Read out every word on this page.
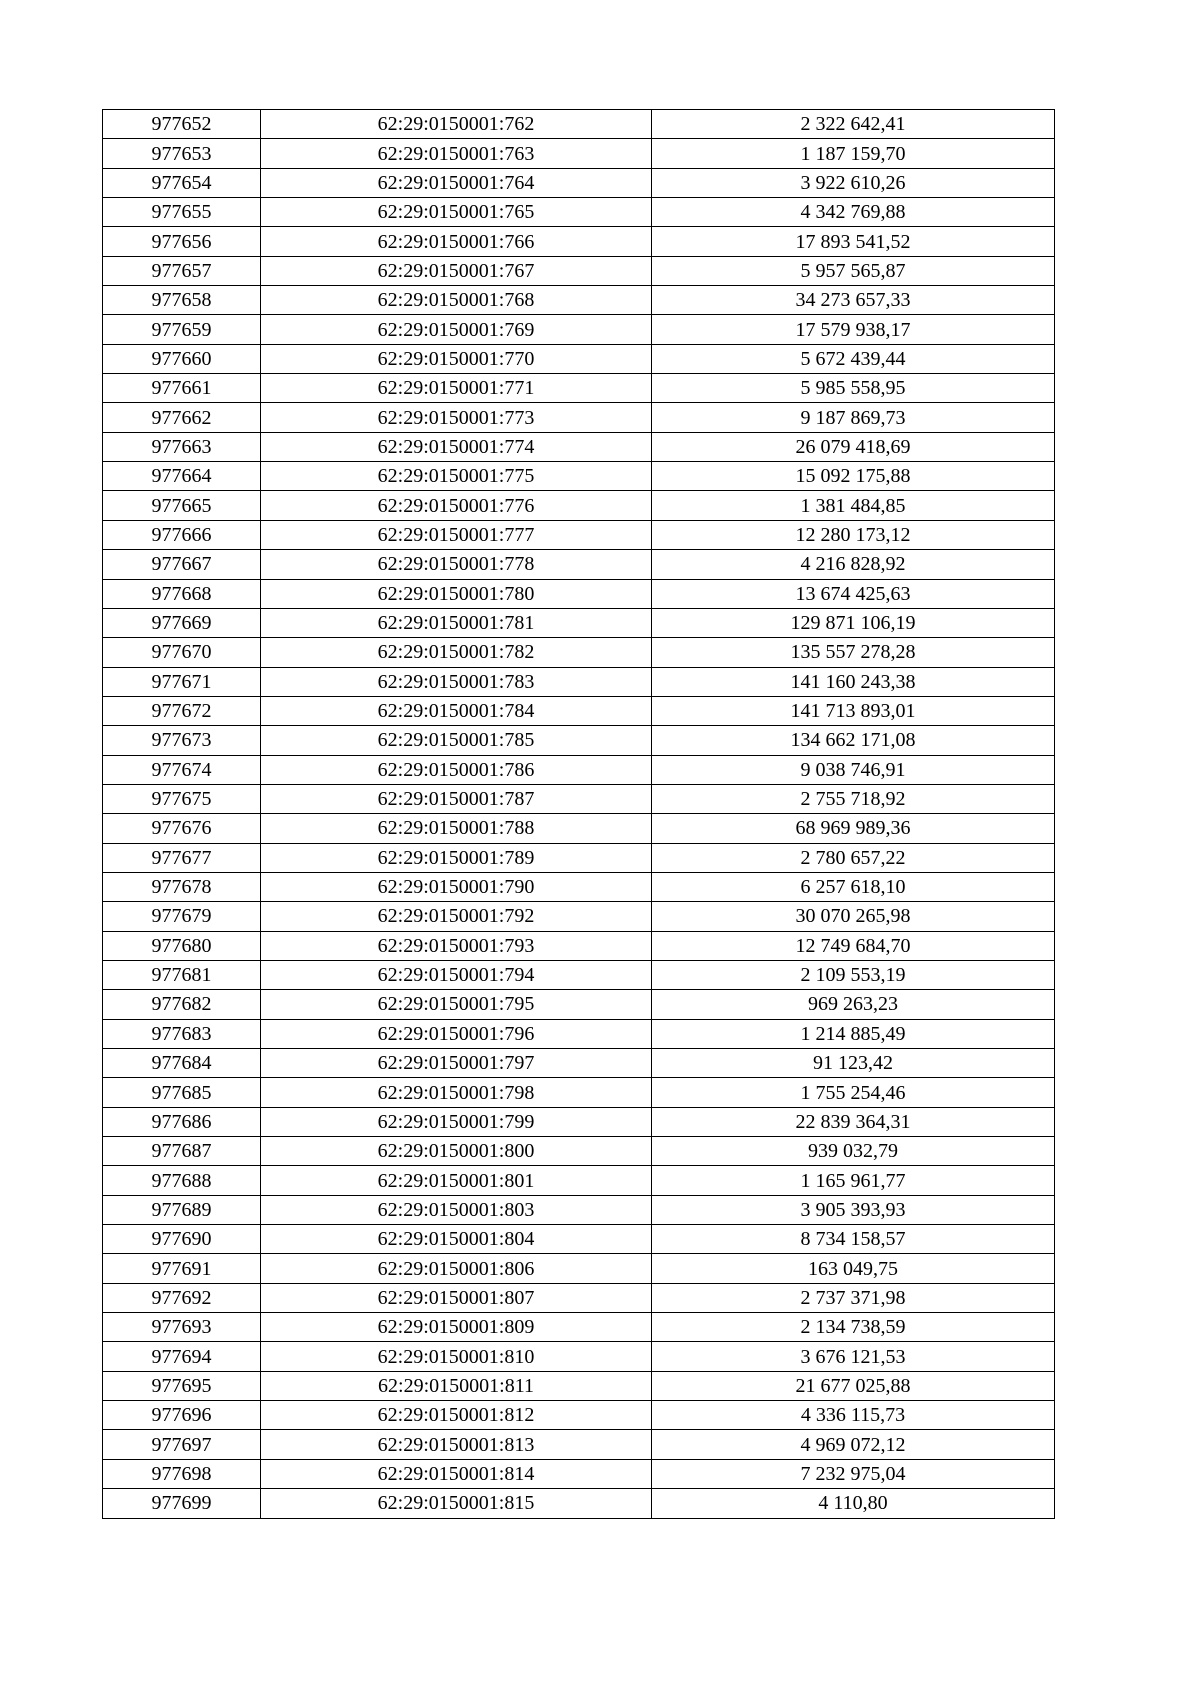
977652	62:29:0150001:762	2 322 642,41
977653	62:29:0150001:763	1 187 159,70
977654	62:29:0150001:764	3 922 610,26
977655	62:29:0150001:765	4 342 769,88
977656	62:29:0150001:766	17 893 541,52
977657	62:29:0150001:767	5 957 565,87
977658	62:29:0150001:768	34 273 657,33
977659	62:29:0150001:769	17 579 938,17
977660	62:29:0150001:770	5 672 439,44
977661	62:29:0150001:771	5 985 558,95
977662	62:29:0150001:773	9 187 869,73
977663	62:29:0150001:774	26 079 418,69
977664	62:29:0150001:775	15 092 175,88
977665	62:29:0150001:776	1 381 484,85
977666	62:29:0150001:777	12 280 173,12
977667	62:29:0150001:778	4 216 828,92
977668	62:29:0150001:780	13 674 425,63
977669	62:29:0150001:781	129 871 106,19
977670	62:29:0150001:782	135 557 278,28
977671	62:29:0150001:783	141 160 243,38
977672	62:29:0150001:784	141 713 893,01
977673	62:29:0150001:785	134 662 171,08
977674	62:29:0150001:786	9 038 746,91
977675	62:29:0150001:787	2 755 718,92
977676	62:29:0150001:788	68 969 989,36
977677	62:29:0150001:789	2 780 657,22
977678	62:29:0150001:790	6 257 618,10
977679	62:29:0150001:792	30 070 265,98
977680	62:29:0150001:793	12 749 684,70
977681	62:29:0150001:794	2 109 553,19
977682	62:29:0150001:795	969 263,23
977683	62:29:0150001:796	1 214 885,49
977684	62:29:0150001:797	91 123,42
977685	62:29:0150001:798	1 755 254,46
977686	62:29:0150001:799	22 839 364,31
977687	62:29:0150001:800	939 032,79
977688	62:29:0150001:801	1 165 961,77
977689	62:29:0150001:803	3 905 393,93
977690	62:29:0150001:804	8 734 158,57
977691	62:29:0150001:806	163 049,75
977692	62:29:0150001:807	2 737 371,98
977693	62:29:0150001:809	2 134 738,59
977694	62:29:0150001:810	3 676 121,53
977695	62:29:0150001:811	21 677 025,88
977696	62:29:0150001:812	4 336 115,73
977697	62:29:0150001:813	4 969 072,12
977698	62:29:0150001:814	7 232 975,04
977699	62:29:0150001:815	4 110,80
